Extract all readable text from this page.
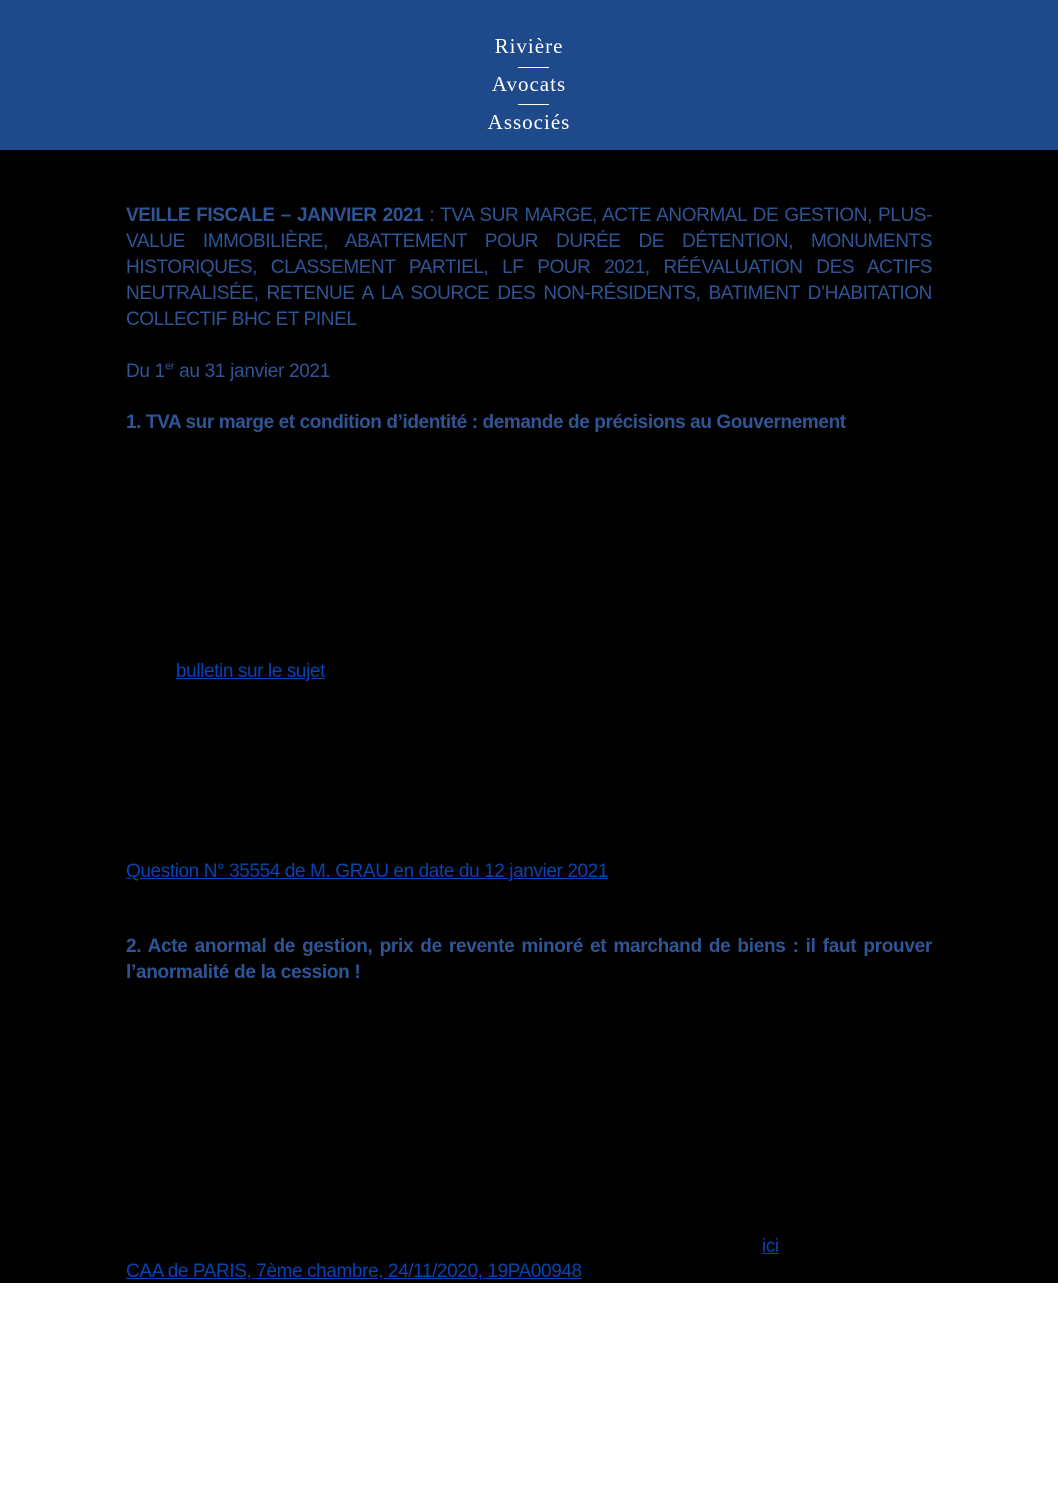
Rivière
Avocats
Associés
VEILLE FISCALE – JANVIER 2021 : TVA SUR MARGE, ACTE ANORMAL DE GESTION, PLUS-VALUE IMMOBILIÈRE, ABATTEMENT POUR DURÉE DE DÉTENTION, MONUMENTS HISTORIQUES, CLASSEMENT PARTIEL, LF POUR 2021, RÉÉVALUATION DES ACTIFS NEUTRALISÉE, RETENUE A LA SOURCE DES NON-RÉSIDENTS, BATIMENT D’HABITATION COLLECTIF BHC ET PINEL
Du 1er au 31 janvier 2021
1. TVA sur marge et condition d’identité : demande de précisions au Gouvernement
bulletin sur le sujet
Question N° 35554 de M. GRAU en date du 12 janvier 2021
2. Acte anormal de gestion, prix de revente minoré et marchand de biens : il faut prouver l’anormalité de la cession !
ici
CAA de PARIS, 7ème chambre, 24/11/2020, 19PA00948
